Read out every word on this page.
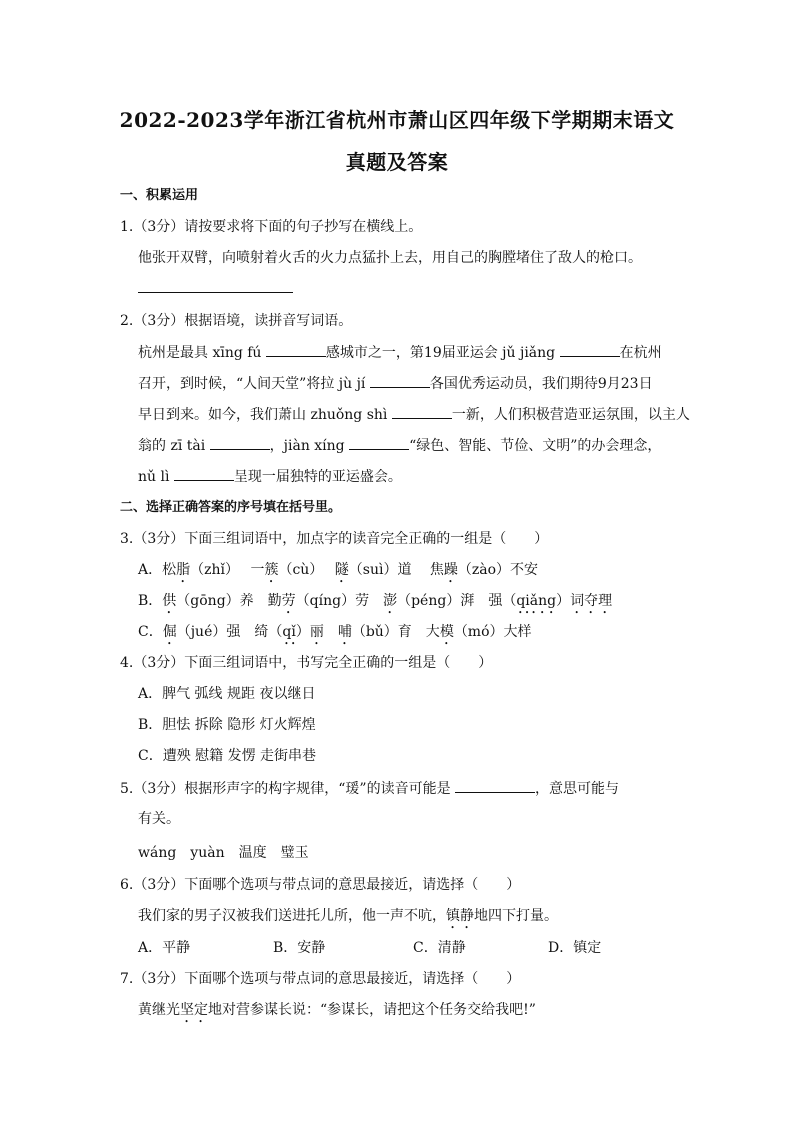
2022-2023学年浙江省杭州市萧山区四年级下学期期末语文
真题及答案
一、积累运用
1.（3分）请按要求将下面的句子抄写在横线上。
他张开双臂，向喷射着火舌的火力点猛扑上去，用自己的胸膛堵住了敌人的枪口。
2.（3分）根据语境，读拼音写词语。
杭州是最具 xīng fú	感城市之一，第19届亚运会 jǔ jiǎng	在杭州
召开，到时候，“人间天堂”将拉 jù jí	各国优秀运动员，我们期待9月23日
早日到来。如今，我们萧山 zhuǒng shì	一新，人们积极营造亚运氛围，以主人
翁的 zī tài	，jiàn xíng	“绿色、智能、节俭、文明”的办会理念，
nǔ lì	呈现一届独特的亚运盛会。
二、选择正确答案的序号填在括号里。
3.（3分）下面三组词语中，加点字的读音完全正确的一组是（　　）
A．松脂（zhǐ）　 一簇（cù）　 隧（suì）道　 焦躁（zào）不安
B．供（gōng）养　勤劳（qíng）劳　澎（péng）湃　强（qiǎng）词夺理
C．倔（jué）强　绮（qǐ）丽　哺（bǔ）育　大模（mó）大样
4.（3分）下面三组词语中，书写完全正确的一组是（　　）
A．脾气 弧线 规距 夜以继日
B．胆怯 拆除 隐形 灯火辉煌
C．遭殃 慰籍 发愣 走街串巷
5.（3分）根据形声字的构字规律，“瑗”的读音可能是	，意思可能与
有关。
wáng　yuàn　温度　璧玉
6.（3分）下面哪个选项与带点词的意思最接近，请选择（　　）
我们家的男子汉被我们送进托儿所，他一声不吭，镇静地四下打量。
A．平静	B．安静	C．清静	D．镇定
7.（3分）下面哪个选项与带点词的意思最接近，请选择（　　）
黄继光坚定地对营参谋长说：“参谋长，请把这个任务交给我吧!”
